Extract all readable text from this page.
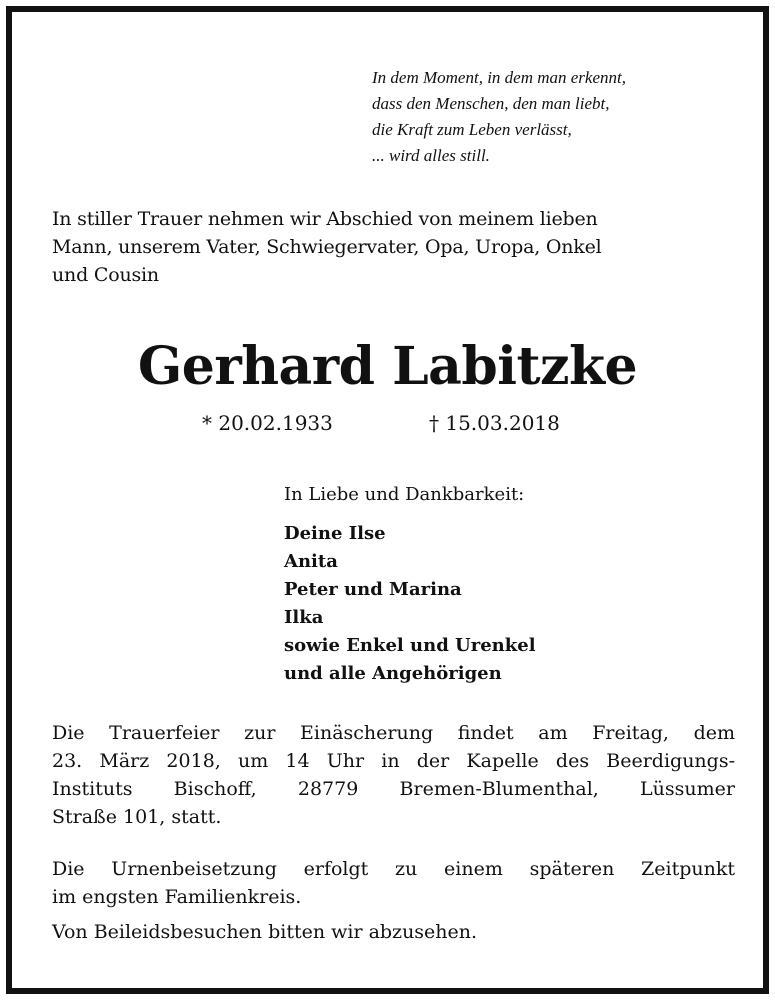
In dem Moment, in dem man erkennt,
dass den Menschen, den man liebt,
die Kraft zum Leben verlässt,
... wird alles still.

In stiller Trauer nehmen wir Abschied von meinem lieben
Mann, unserem Vater, Schwiegervater, Opa, Uropa, Onkel
und Cousin

Gerhard Labitzke

* 20.02.1933	† 15.03.2018

In Liebe und Dankbarkeit:

Deine Ilse
Anita
Peter und Marina
Ilka
sowie Enkel und Urenkel
und alle Angehörigen

Die Trauerfeier zur Einäscherung findet am Freitag, dem
23. März 2018, um 14 Uhr in der Kapelle des Beerdigungs-
Instituts Bischoff, 28779 Bremen-Blumenthal, Lüssumer
Straße 101, statt.

Die Urnenbeisetzung erfolgt zu einem späteren Zeitpunkt
im engsten Familienkreis.

Von Beileidsbesuchen bitten wir abzusehen.
